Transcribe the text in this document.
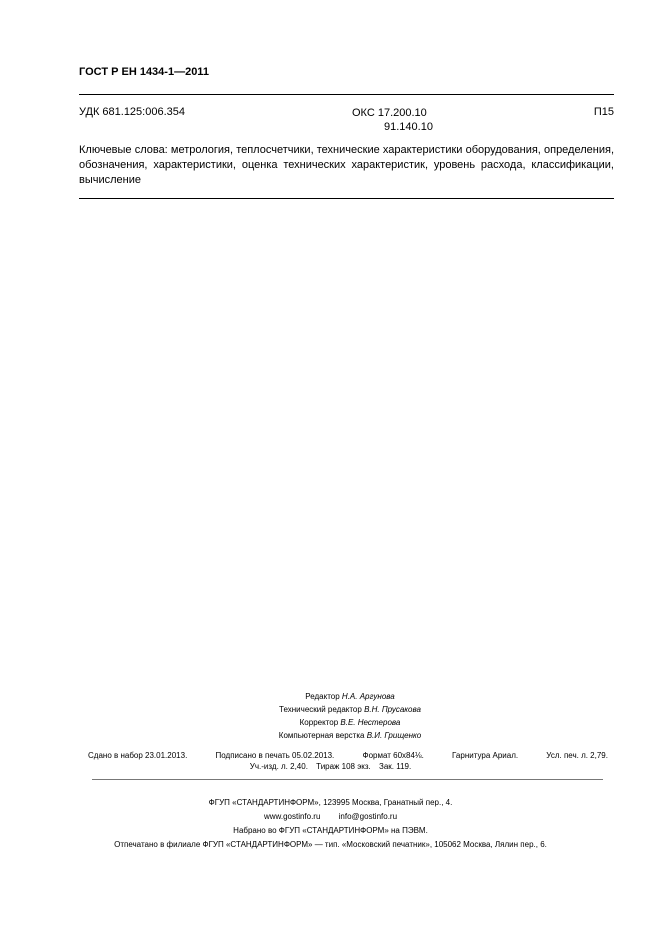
ГОСТ Р ЕН 1434-1—2011
УДК 681.125:006.354	ОКС 17.200.10
91.140.10
П15
Ключевые слова: метрология, теплосчетчики, технические характеристики оборудования, определения, обозначения, характеристики, оценка технических характеристик, уровень расхода, классификации, вычисление
Редактор Н.А. Аргунова
Технический редактор В.Н. Прусакова
Корректор В.Е. Нестерова
Компьютерная верстка В.И. Грищенко
Сдано в набор 23.01.2013.	Подписано в печать 05.02.2013.	Формат 60х84⅛.	Гарнитура Ариал.	Усл. печ. л. 2,79.
Уч.-изд. л. 2,40. Тираж 108 экз. Зак. 119.
ФГУП «СТАНДАРТИНФОРМ», 123995 Москва, Гранатный пер., 4.
www.gostinfo.ru info@gostinfo.ru
Набрано во ФГУП «СТАНДАРТИНФОРМ» на ПЭВМ.
Отпечатано в филиале ФГУП «СТАНДАРТИНФОРМ» — тип. «Московский печатник», 105062 Москва, Лялин пер., 6.
